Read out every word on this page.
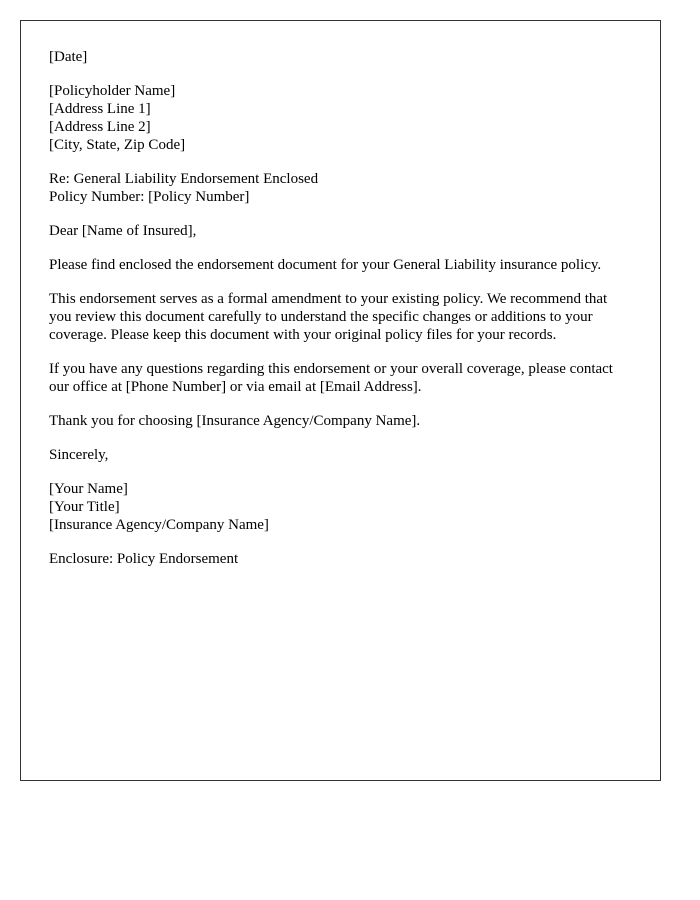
[Date]

[Policyholder Name]
[Address Line 1]
[Address Line 2]
[City, State, Zip Code]

Re: General Liability Endorsement Enclosed
Policy Number: [Policy Number]

Dear [Name of Insured],

Please find enclosed the endorsement document for your General Liability insurance policy.

This endorsement serves as a formal amendment to your existing policy. We recommend that you review this document carefully to understand the specific changes or additions to your coverage. Please keep this document with your original policy files for your records.

If you have any questions regarding this endorsement or your overall coverage, please contact our office at [Phone Number] or via email at [Email Address].

Thank you for choosing [Insurance Agency/Company Name].

Sincerely,

[Your Name]
[Your Title]
[Insurance Agency/Company Name]

Enclosure: Policy Endorsement
